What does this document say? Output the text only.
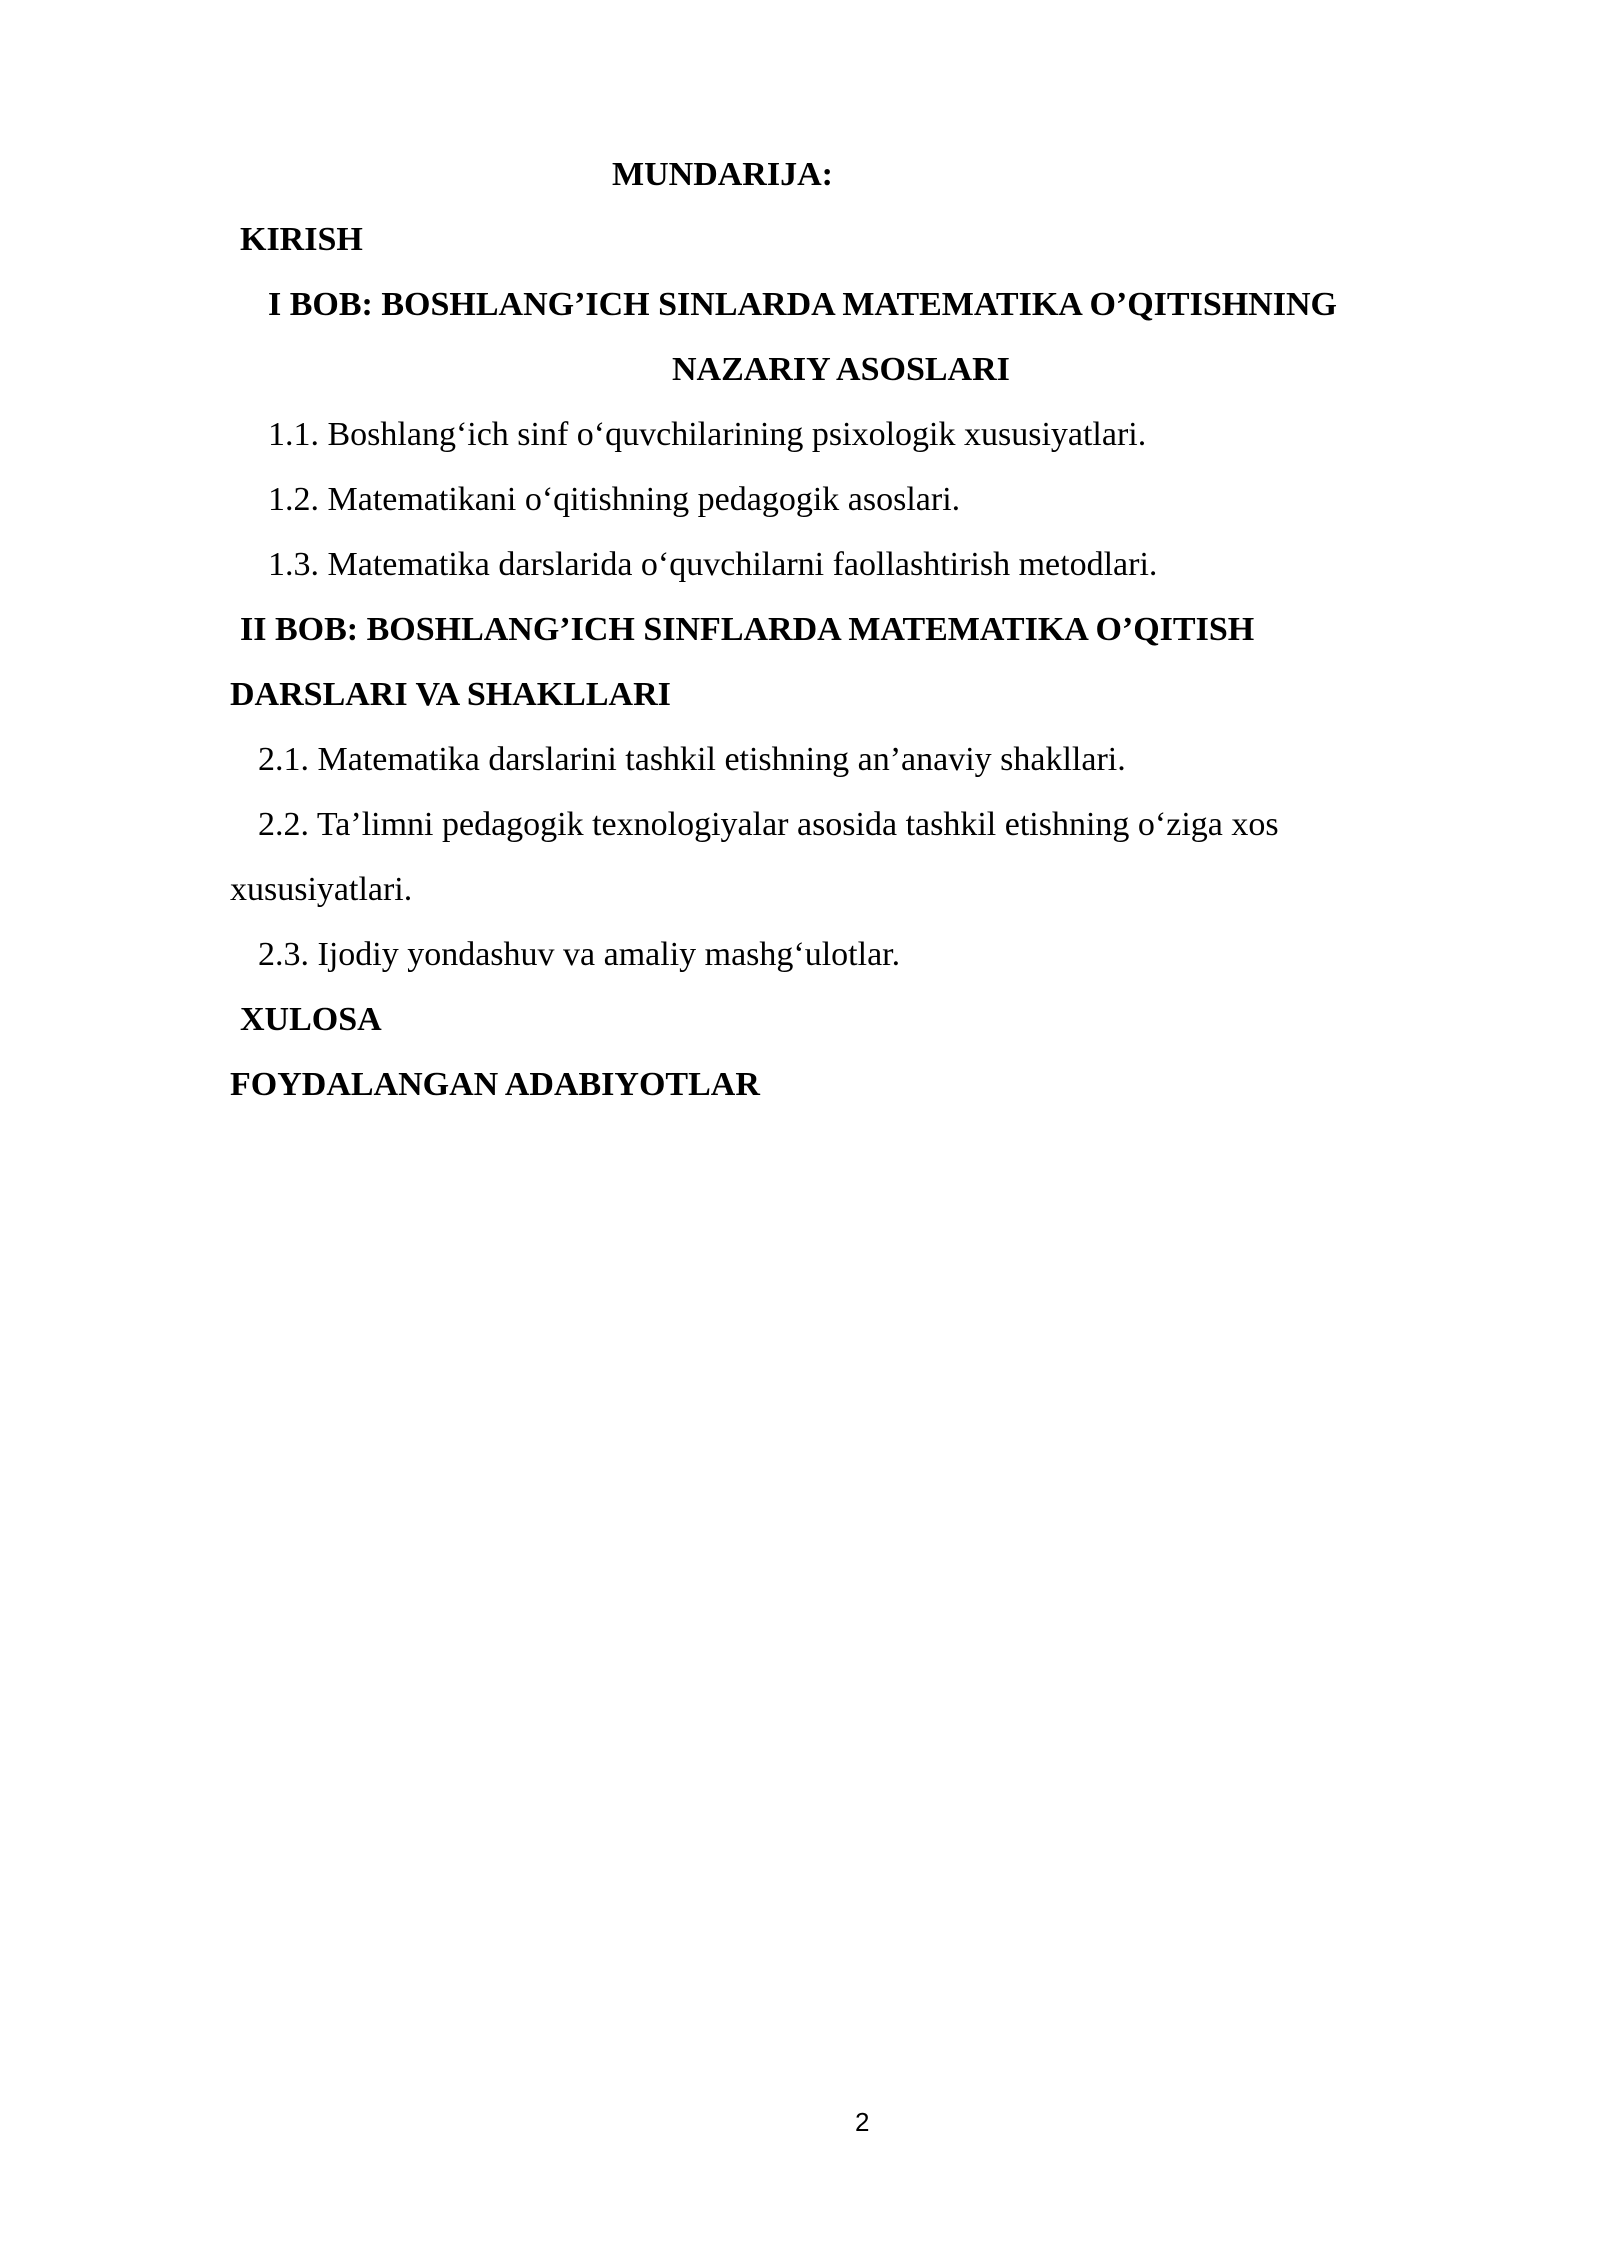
MUNDARIJA:
KIRISH
I BOB: BOSHLANG’ICH SINLARDA MATEMATIKA O’QITISHNING
NAZARIY ASOSLARI
1.1. Boshlang‘ich sinf o‘quvchilarining psixologik xususiyatlari.
1.2. Matematikani o‘qitishning pedagogik asoslari.
1.3. Matematika darslarida o‘quvchilarni faollashtirish metodlari.
II BOB: BOSHLANG’ICH SINFLARDA MATEMATIKA O’QITISH
DARSLARI VA SHAKLLARI
2.1. Matematika darslarini tashkil etishning an’anaviy shakllari.
2.2. Ta’limni pedagogik texnologiyalar asosida tashkil etishning o‘ziga xos
xususiyatlari.
2.3. Ijodiy yondashuv va amaliy mashg‘ulotlar.
XULOSA
FOYDALANGAN ADABIYOTLAR
2
